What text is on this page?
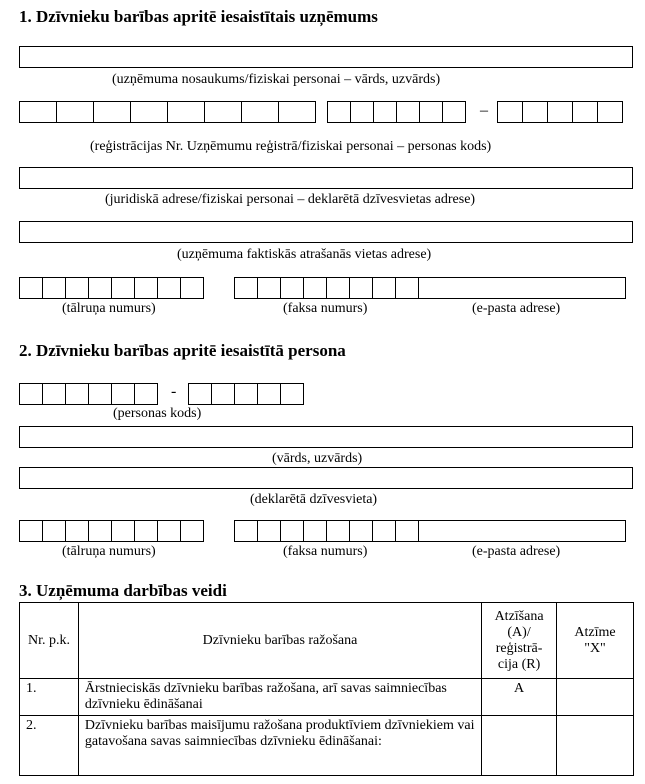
1. Dzīvnieku barības apritē iesaistītais uzņēmums
(uzņēmuma nosaukums/fiziskai personai – vārds, uzvārds)
–
(reģistrācijas Nr. Uzņēmumu reģistrā/fiziskai personai – personas kods)
(juridiskā adrese/fiziskai personai – deklarētā dzīvesvietas adrese)
(uzņēmuma faktiskās atrašanās vietas adrese)
(tālruņa numurs)	(faksa numurs)	(e-pasta adrese)
2. Dzīvnieku barības apritē iesaistītā persona
-
(personas kods)
(vārds, uzvārds)
(deklarētā dzīvesvieta)
(tālruņa numurs)	(faksa numurs)	(e-pasta adrese)
3. Uzņēmuma darbības veidi
Nr. p.k.	Dzīvnieku barības ražošana	Atzīšana (A)/ reģistrā-cija (R)	Atzīme "X"
1.	Ārstnieciskās dzīvnieku barības ražošana, arī savas saimniecības dzīvnieku ēdināšanai	A	
2.	Dzīvnieku barības maisījumu ražošana produktīviem dzīvniekiem vai gatavošana savas saimniecības dzīvnieku ēdināšanai:		
